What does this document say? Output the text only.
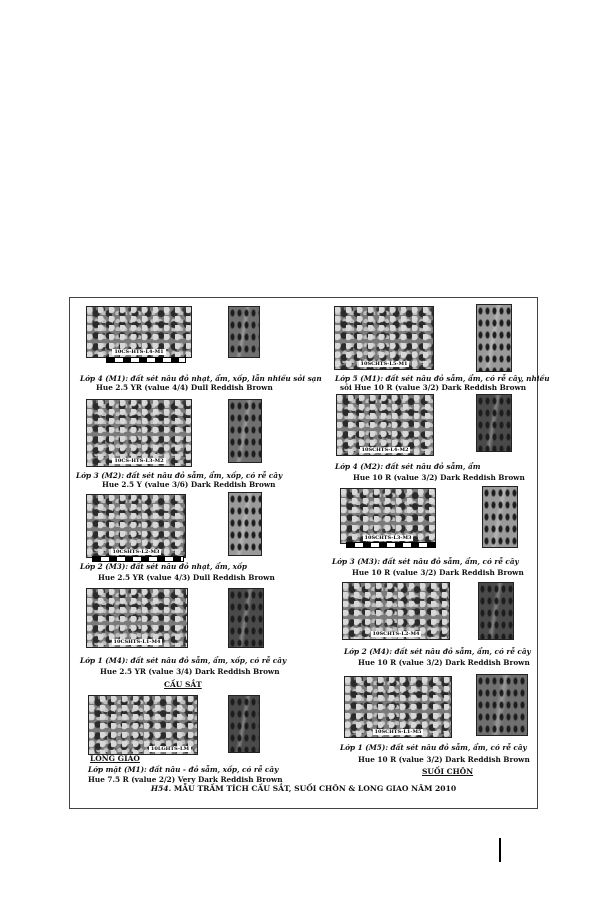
10CS-HTS-L4-M1
Lớp 4 (M1): đất sét nâu đỏ nhạt, ẩm, xốp, lẫn nhiều sỏi sạn
Hue 2.5 YR (value 4/4) Dull Reddish Brown
10CS-HTS-L3-M2
Lớp 3 (M2): đất sét nâu đỏ sẫm, ẩm, xốp, có rễ cây
Hue 2.5 Y (value 3/6) Dark Reddish Brown
10CSHTS-L2-M3
Lớp 2 (M3): đất sét nâu đỏ nhạt, ẩm, xốp
Hue 2.5 YR (value 4/3) Dull Reddish Brown
10CSHTS-L1-M4
Lớp 1 (M4): đất sét nâu đỏ sẫm, ẩm, xốp, có rễ cây
Hue 2.5 YR (value 3/4) Dark Reddish Brown
CẦU SẮT
10LGHTS-LM
LONG GIAO
Lớp mặt (M1): đất nâu - đỏ sẫm, xốp, có rễ cây
Hue 7.5 R (value 2/2) Very Dark Reddish Brown
10SCHTS-L5-M1
Lớp 5 (M1): đất sét nâu đỏ sẫm, ẩm, có rễ cây, nhiều
sỏi Hue 10 R (value 3/2) Dark Reddish Brown
10SCHTS-L4-M2
Lớp 4 (M2): đất sét nâu đỏ sẫm, ẩm
Hue 10 R (value 3/2) Dark Reddish Brown
10SCHTS-L3-M3
Lớp 3 (M3): đất sét nâu đỏ sẫm, ẩm, có rễ cây
Hue 10 R (value 3/2) Dark Reddish Brown
10SCHTS-L2-M4
Lớp 2 (M4): đất sét nâu đỏ sẫm, ẩm, có rễ cây
Hue 10 R (value 3/2) Dark Reddish Brown
10SCHTS-L1-M5
Lớp 1 (M5): đất sét nâu đỏ sẫm, ẩm, có rễ cây
Hue 10 R (value 3/2) Dark Reddish Brown
SUỐI CHÔN
H54. MẪU TRẦM TÍCH CẦU SẮT, SUỐI CHÔN & LONG GIAO NĂM 2010
